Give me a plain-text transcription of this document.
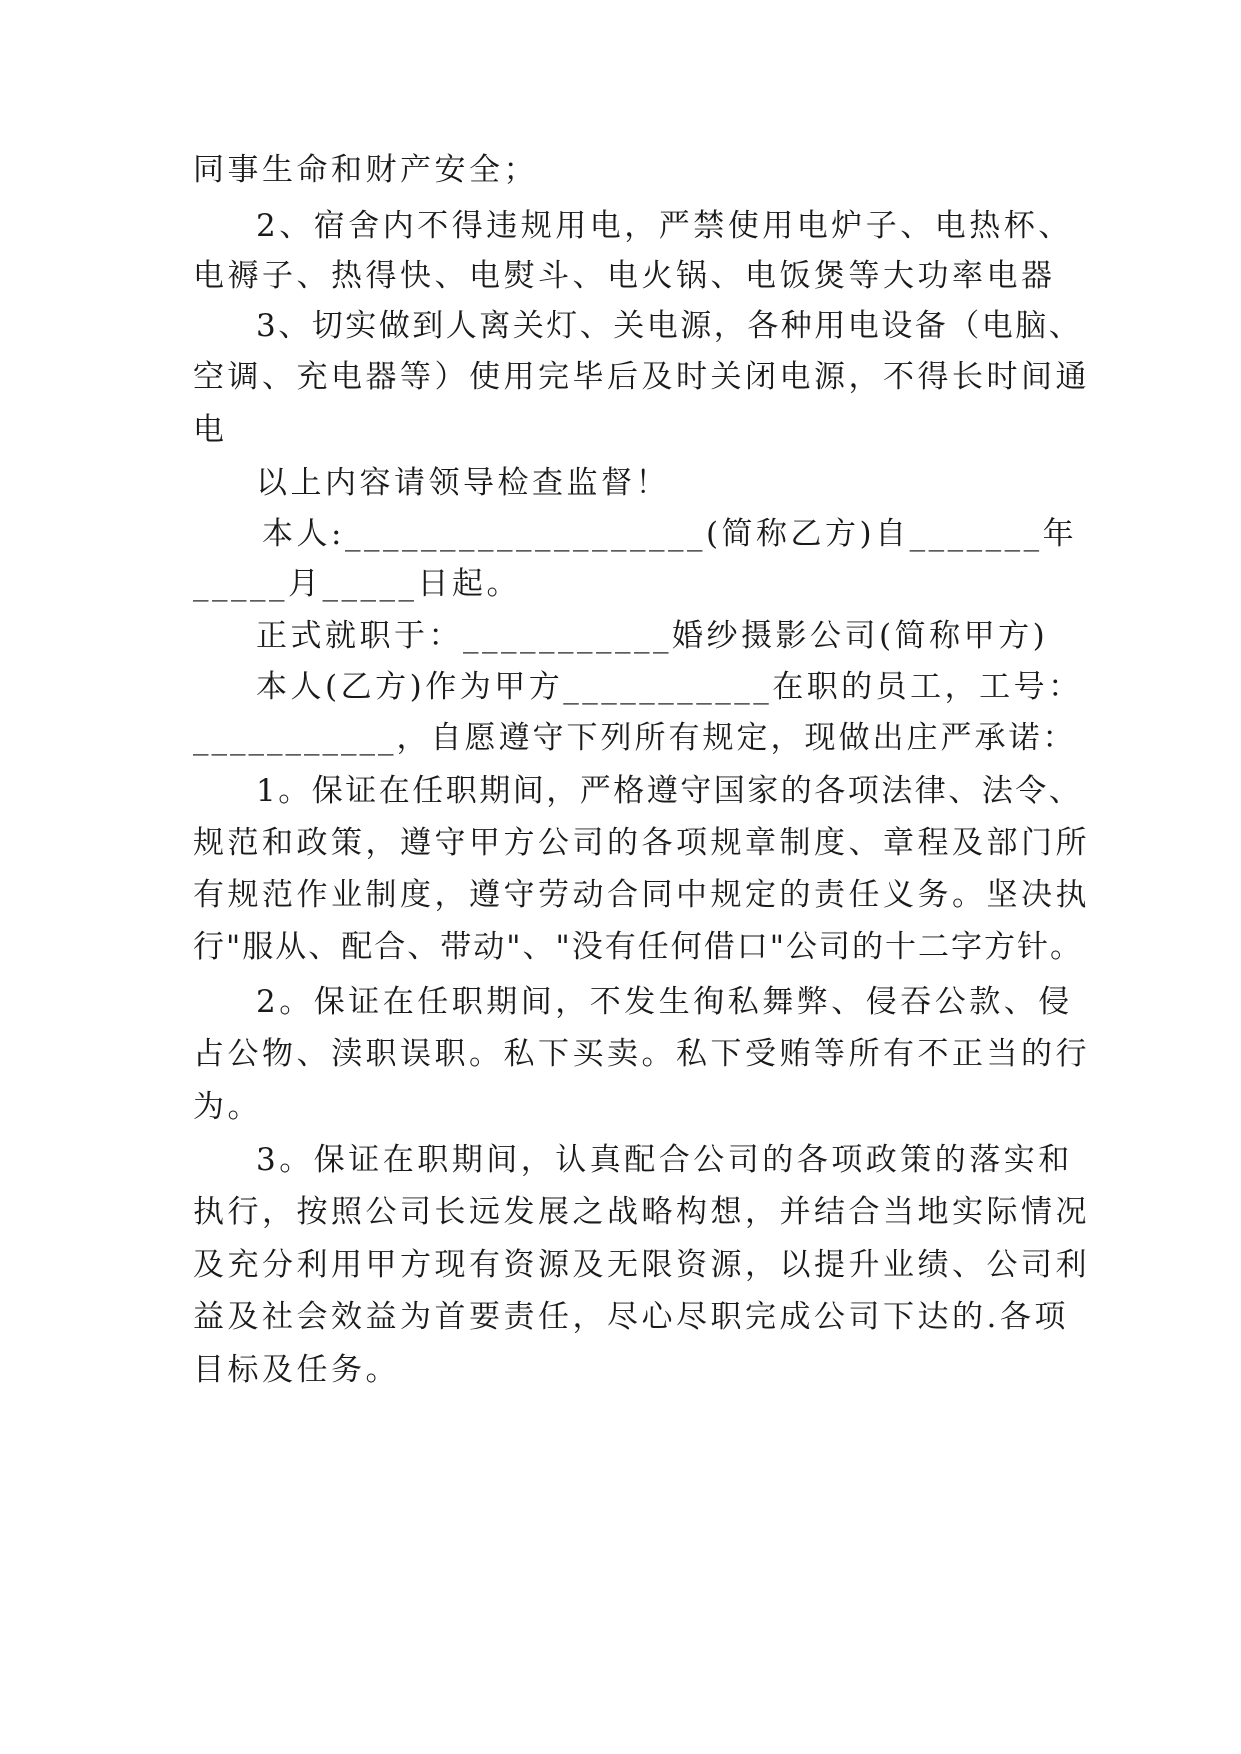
同事生命和财产安全；
2、宿舍内不得违规用电，严禁使用电炉子、电热杯、
电褥子、热得快、电熨斗、电火锅、电饭煲等大功率电器
3、切实做到人离关灯、关电源，各种用电设备（电脑、
空调、充电器等）使用完毕后及时关闭电源，不得长时间通
电
以上内容请领导检查监督！
本人:___________________(简称乙方)自_______年
_____月_____日起。
正式就职于：___________婚纱摄影公司(简称甲方)
本人(乙方)作为甲方___________在职的员工，工号：
___________，自愿遵守下列所有规定，现做出庄严承诺：
1。保证在任职期间，严格遵守国家的各项法律、法令、
规范和政策，遵守甲方公司的各项规章制度、章程及部门所
有规范作业制度，遵守劳动合同中规定的责任义务。坚决执
行"服从、配合、带动"、"没有任何借口"公司的十二字方针。
2。保证在任职期间，不发生徇私舞弊、侵吞公款、侵
占公物、渎职误职。私下买卖。私下受贿等所有不正当的行
为。
3。保证在职期间，认真配合公司的各项政策的落实和
执行，按照公司长远发展之战略构想，并结合当地实际情况
及充分利用甲方现有资源及无限资源，以提升业绩、公司利
益及社会效益为首要责任，尽心尽职完成公司下达的.各项
目标及任务。
